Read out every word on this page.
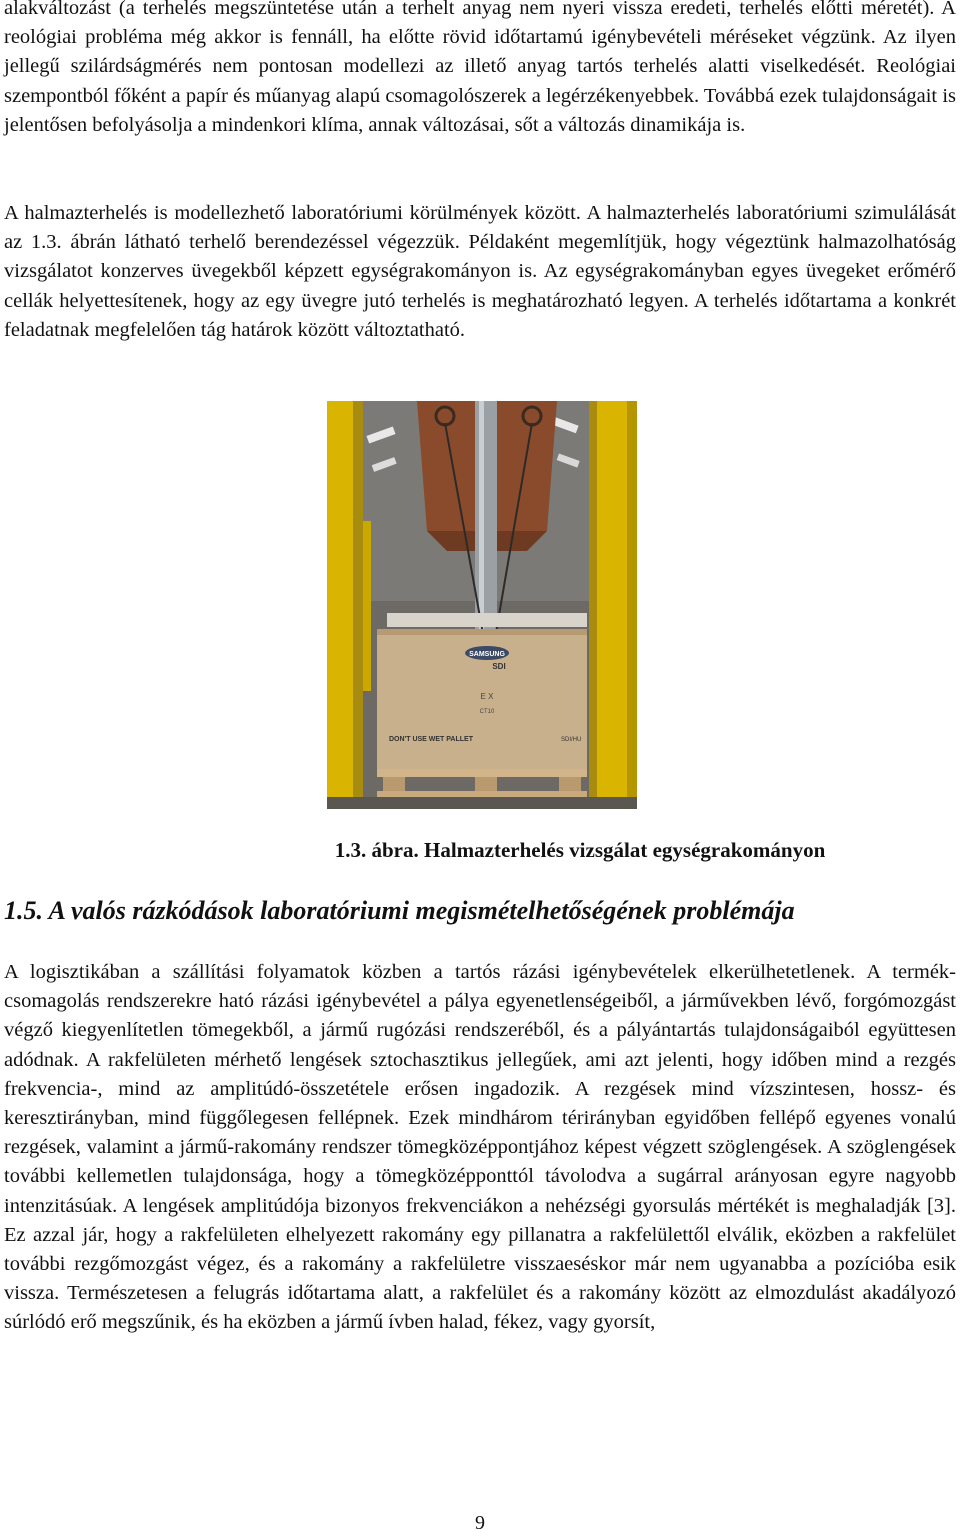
alakváltozást (a terhelés megszüntetése után a terhelt anyag nem nyeri vissza eredeti, terhelés előtti méretét). A reológiai probléma még akkor is fennáll, ha előtte rövid időtartamú igénybevételi méréseket végzünk. Az ilyen jellegű szilárdságmérés nem pontosan modellezi az illető anyag tartós terhelés alatti viselkedését. Reológiai szempontból főként a papír és műanyag alapú csomagolószerek a legérzékenyebbek. Továbbá ezek tulajdonságait is jelentősen befolyásolja a mindenkori klíma, annak változásai, sőt a változás dinamikája is.

A halmazterhelés is modellezhető laboratóriumi körülmények között. A halmazterhelés laboratóriumi szimulálását az 1.3. ábrán látható terhelő berendezéssel végezzük. Példaként megemlítjük, hogy végeztünk halmazolhatóság vizsgálatot konzerves üvegekből képzett egységrakományon is. Az egységrakományban egyes üvegeket erőmérő cellák helyettesítenek, hogy az egy üvegre jutó terhelés is meghatározható legyen. A terhelés időtartama a konkrét feladatnak megfelelően tág határok között változtatható.

SAMSUNG
SDI
E X
CT10
DON'T USE WET PALLET	SDI/HU
1.3. ábra. Halmazterhelés vizsgálat egységrakományon
1.5. A valós rázkódások laboratóriumi megismételhetőségének problémája

A logisztikában a szállítási folyamatok közben a tartós rázási igénybevételek elkerülhetetlenek. A termék-csomagolás rendszerekre ható rázási igénybevétel a pálya egyenetlenségeiből, a járművekben lévő, forgómozgást végző kiegyenlítetlen tömegekből, a jármű rugózási rendszeréből, és a pályántartás tulajdonságaiból együttesen adódnak. A rakfelületen mérhető lengések sztochasztikus jellegűek, ami azt jelenti, hogy időben mind a rezgés frekvencia-, mind az amplitúdó-összetétele erősen ingadozik. A rezgések mind vízszintesen, hossz- és keresztirányban, mind függőlegesen fellépnek. Ezek mindhárom térirányban egyidőben fellépő egyenes vonalú rezgések, valamint a jármű-rakomány rendszer tömegközéppontjához képest végzett szöglengések. A szöglengések további kellemetlen tulajdonsága, hogy a tömegközépponttól távolodva a sugárral arányosan egyre nagyobb intenzitásúak. A lengések amplitúdója bizonyos frekvenciákon a nehézségi gyorsulás mértékét is meghaladják [3]. Ez azzal jár, hogy a rakfelületen elhelyezett rakomány egy pillanatra a rakfelülettől elválik, eközben a rakfelület további rezgőmozgást végez, és a rakomány a rakfelületre visszaeséskor már nem ugyanabba a pozícióba esik vissza. Természetesen a felugrás időtartama alatt, a rakfelület és a rakomány között az elmozdulást akadályozó súrlódó erő megszűnik, és ha eközben a jármű ívben halad, fékez, vagy gyorsít,

9
